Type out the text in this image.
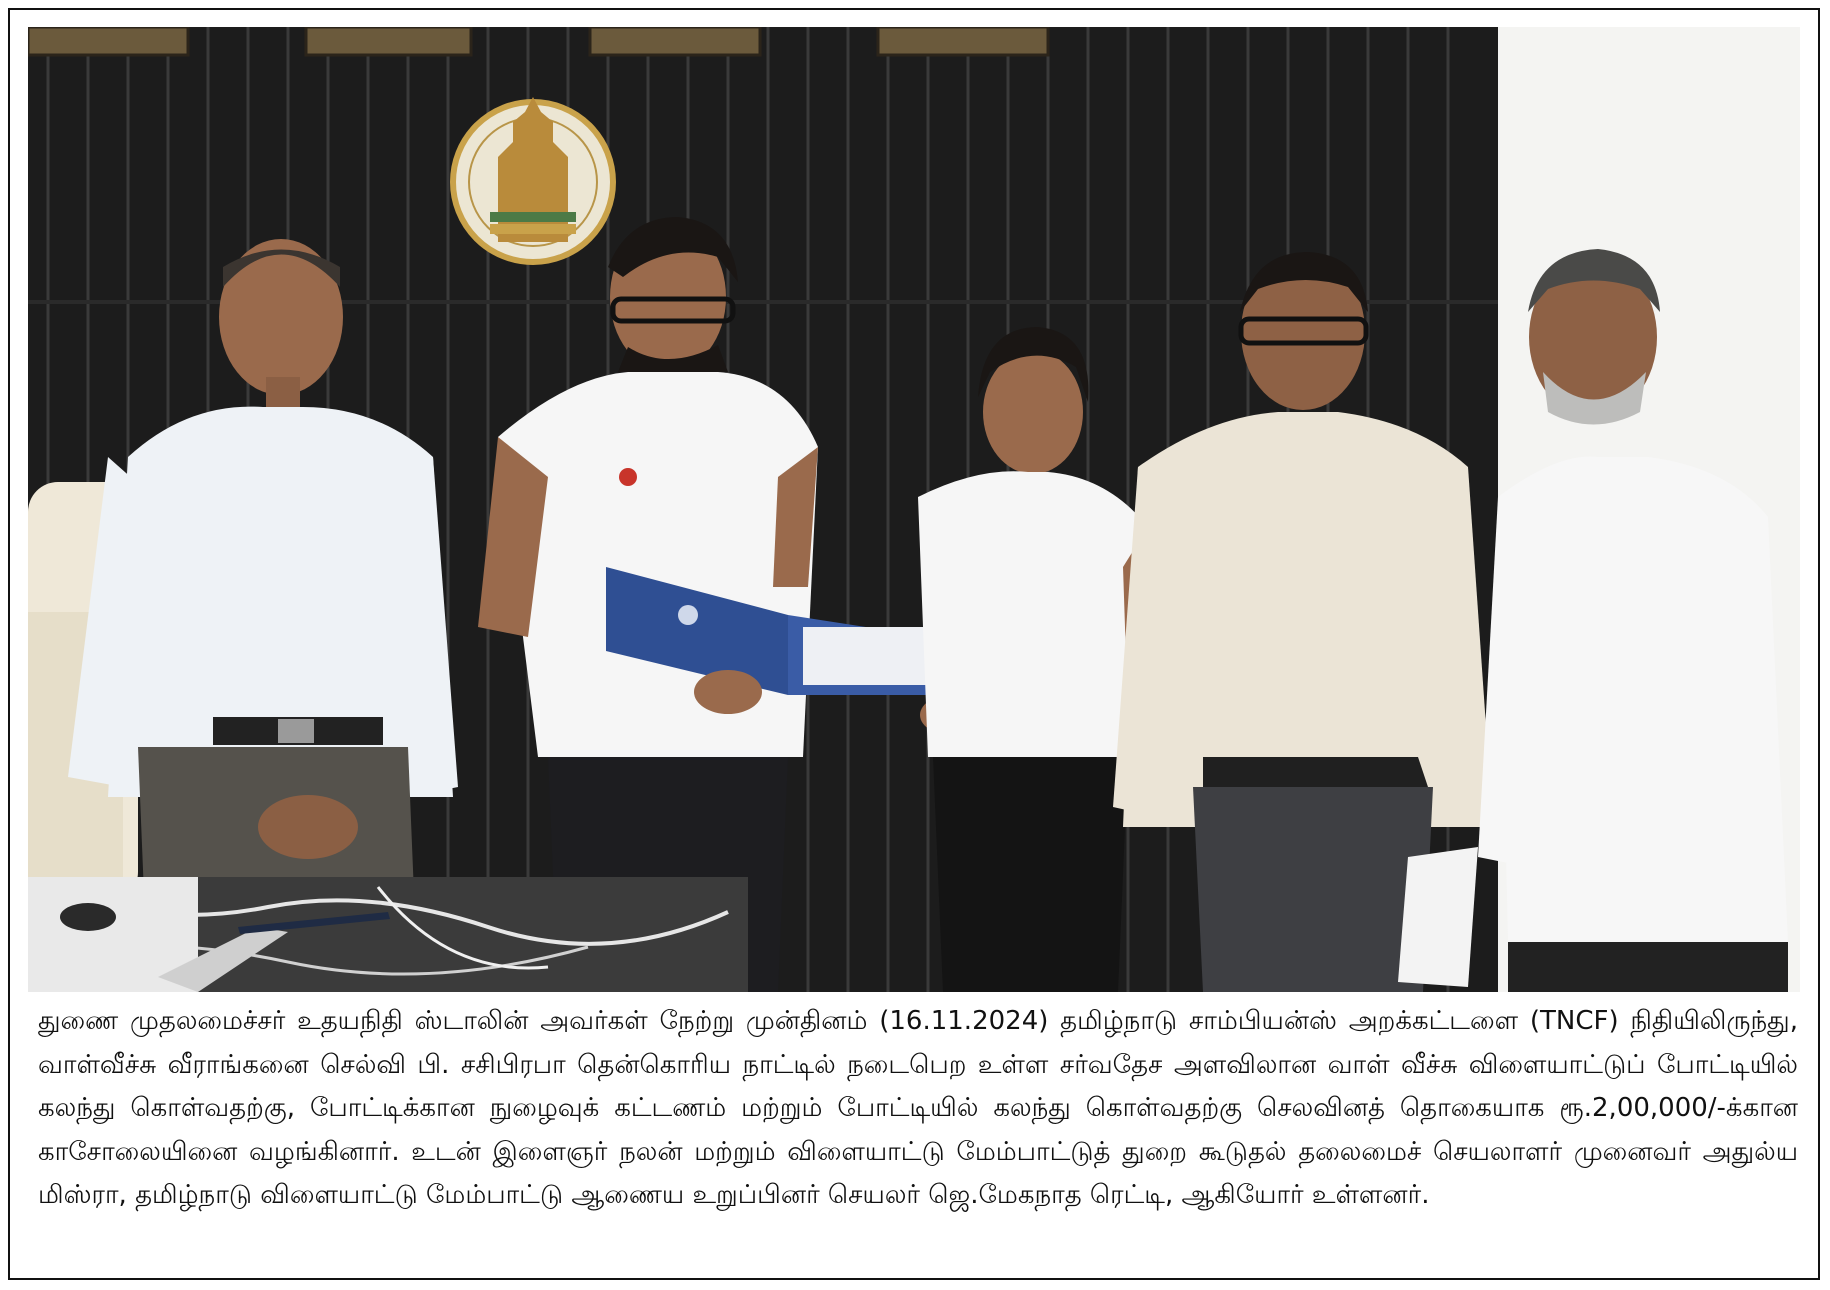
துணை முதலமைச்சர் உதயநிதி ஸ்டாலின் அவர்கள் நேற்று முன்தினம் (16.11.2024) தமிழ்நாடு சாம்பியன்ஸ் அறக்கட்டளை (TNCF) நிதியிலிருந்து, வாள்வீச்சு வீராங்கனை செல்வி பி. சசிபிரபா தென்கொரிய நாட்டில் நடைபெற உள்ள சர்வதேச அளவிலான வாள் வீச்சு விளையாட்டுப் போட்டியில் கலந்து கொள்வதற்கு, போட்டிக்கான நுழைவுக் கட்டணம் மற்றும் போட்டியில் கலந்து கொள்வதற்கு செலவினத் தொகையாக ரூ.2,00,000/-க்கான காசோலையினை வழங்கினார். உடன் இளைஞர் நலன் மற்றும் விளையாட்டு மேம்பாட்டுத் துறை கூடுதல் தலைமைச் செயலாளர் முனைவர் அதுல்ய மிஸ்ரா, தமிழ்நாடு விளையாட்டு மேம்பாட்டு ஆணைய உறுப்பினர் செயலர் ஜெ.மேகநாத ரெட்டி, ஆகியோர் உள்ளனர்.
